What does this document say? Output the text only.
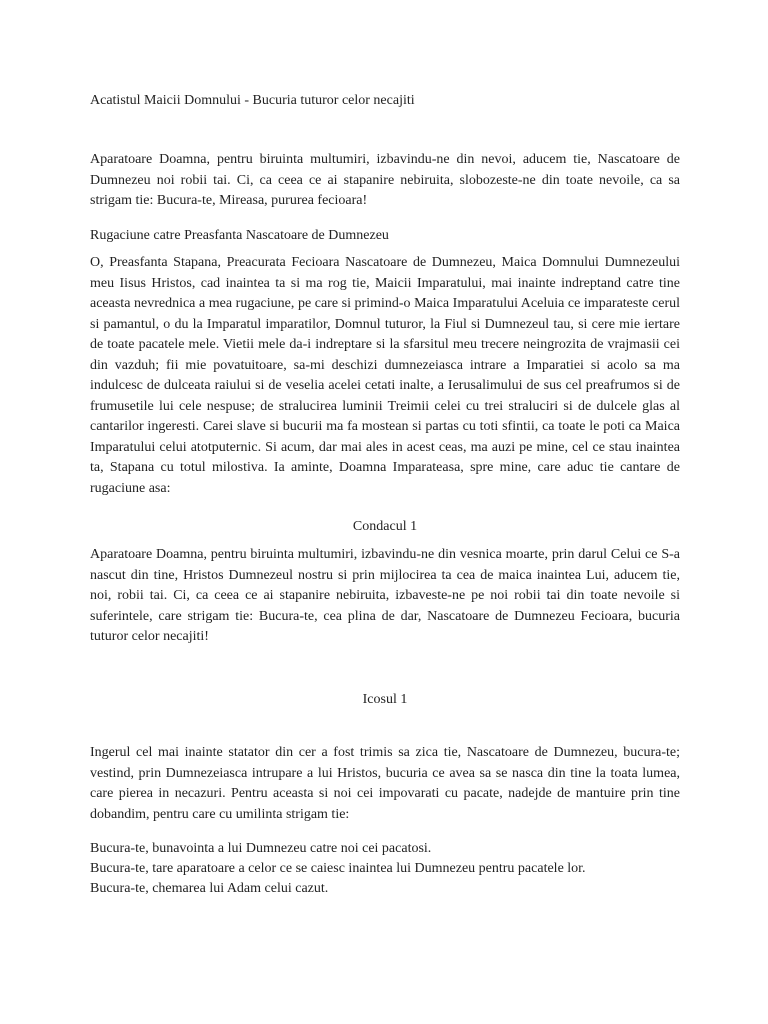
Acatistul Maicii Domnului - Bucuria tuturor celor necajiti

Aparatoare Doamna, pentru biruinta multumiri, izbavindu-ne din nevoi, aducem tie, Nascatoare de Dumnezeu noi robii tai. Ci, ca ceea ce ai stapanire nebiruita, slobozeste-ne din toate nevoile, ca sa strigam tie: Bucura-te, Mireasa, pururea fecioara!

Rugaciune catre Preasfanta Nascatoare de Dumnezeu

O, Preasfanta Stapana, Preacurata Fecioara Nascatoare de Dumnezeu, Maica Domnului Dumnezeului meu Iisus Hristos, cad inaintea ta si ma rog tie, Maicii Imparatului, mai inainte indreptand catre tine aceasta nevrednica a mea rugaciune, pe care si primind-o Maica Imparatului Aceluia ce imparateste cerul si pamantul, o du la Imparatul imparatilor, Domnul tuturor, la Fiul si Dumnezeul tau, si cere mie iertare de toate pacatele mele. Vietii mele da-i indreptare si la sfarsitul meu trecere neingrozita de vrajmasii cei din vazduh; fii mie povatuitoare, sa-mi deschizi dumnezeiasca intrare a Imparatiei si acolo sa ma indulcesc de dulceata raiului si de veselia acelei cetati inalte, a Ierusalimului de sus cel preafrumos si de frumusetile lui cele nespuse; de stralucirea luminii Treimii celei cu trei straluciri si de dulcele glas al cantarilor ingeresti. Carei slave si bucurii ma fa mostean si partas cu toti sfintii, ca toate le poti ca Maica Imparatului celui atotputernic. Si acum, dar mai ales in acest ceas, ma auzi pe mine, cel ce stau inaintea ta, Stapana cu totul milostiva. Ia aminte, Doamna Imparateasa, spre mine, care aduc tie cantare de rugaciune asa:

Condacul 1

Aparatoare Doamna, pentru biruinta multumiri, izbavindu-ne din vesnica moarte, prin darul Celui ce S-a nascut din tine, Hristos Dumnezeul nostru si prin mijlocirea ta cea de maica inaintea Lui, aducem tie, noi, robii tai. Ci, ca ceea ce ai stapanire nebiruita, izbaveste-ne pe noi robii tai din toate nevoile si suferintele, care strigam tie: Bucura-te, cea plina de dar, Nascatoare de Dumnezeu Fecioara, bucuria tuturor celor necajiti!

Icosul 1

Ingerul cel mai inainte statator din cer a fost trimis sa zica tie, Nascatoare de Dumnezeu, bucura-te; vestind, prin Dumnezeiasca intrupare a lui Hristos, bucuria ce avea sa se nasca din tine la toata lumea, care pierea in necazuri. Pentru aceasta si noi cei impovarati cu pacate, nadejde de mantuire prin tine dobandim, pentru care cu umilinta strigam tie:

Bucura-te, bunavointa a lui Dumnezeu catre noi cei pacatosi.
Bucura-te, tare aparatoare a celor ce se caiesc inaintea lui Dumnezeu pentru pacatele lor.
Bucura-te, chemarea lui Adam celui cazut.
